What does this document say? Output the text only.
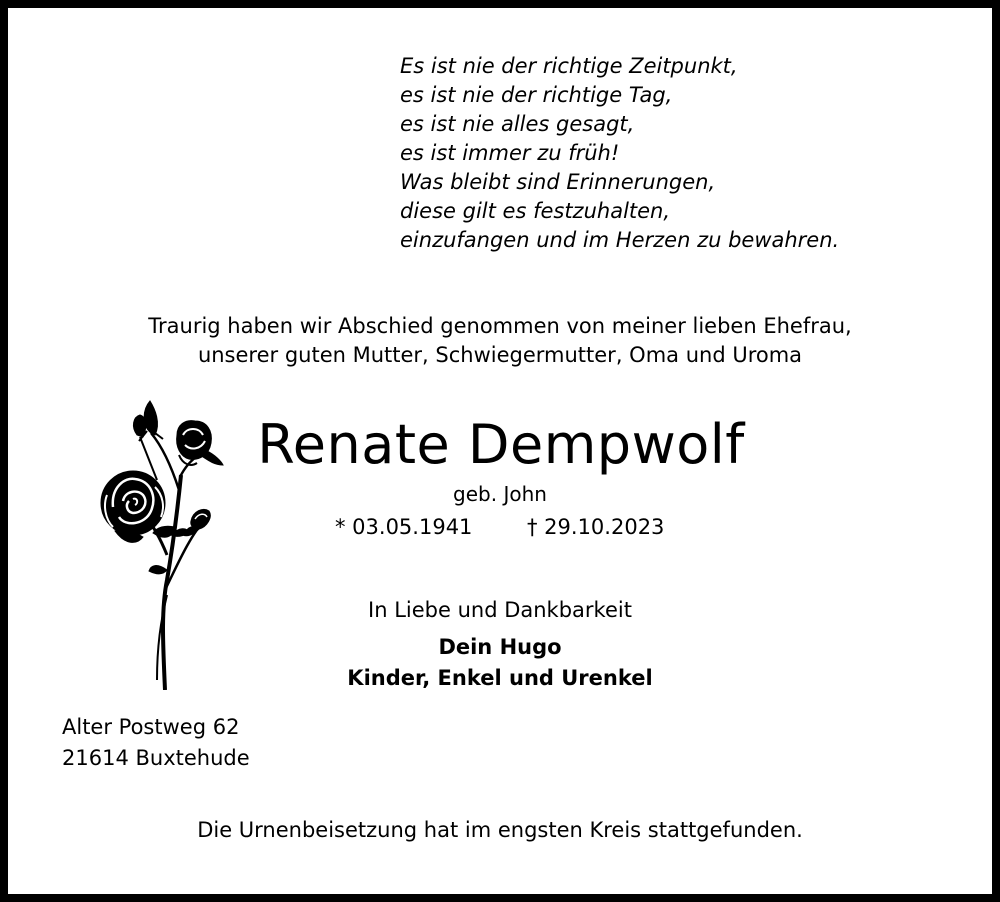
Es ist nie der richtige Zeitpunkt,
es ist nie der richtige Tag,
es ist nie alles gesagt,
es ist immer zu früh!
Was bleibt sind Erinnerungen,
diese gilt es festzuhalten,
einzufangen und im Herzen zu bewahren.
Traurig haben wir Abschied genommen von meiner lieben Ehefrau,
unserer guten Mutter, Schwiegermutter, Oma und Uroma
Renate Dempwolf
geb. John
* 03.05.1941	† 29.10.2023
In Liebe und Dankbarkeit
Dein Hugo
Kinder, Enkel und Urenkel
Alter Postweg 62
21614 Buxtehude
Die Urnenbeisetzung hat im engsten Kreis stattgefunden.
